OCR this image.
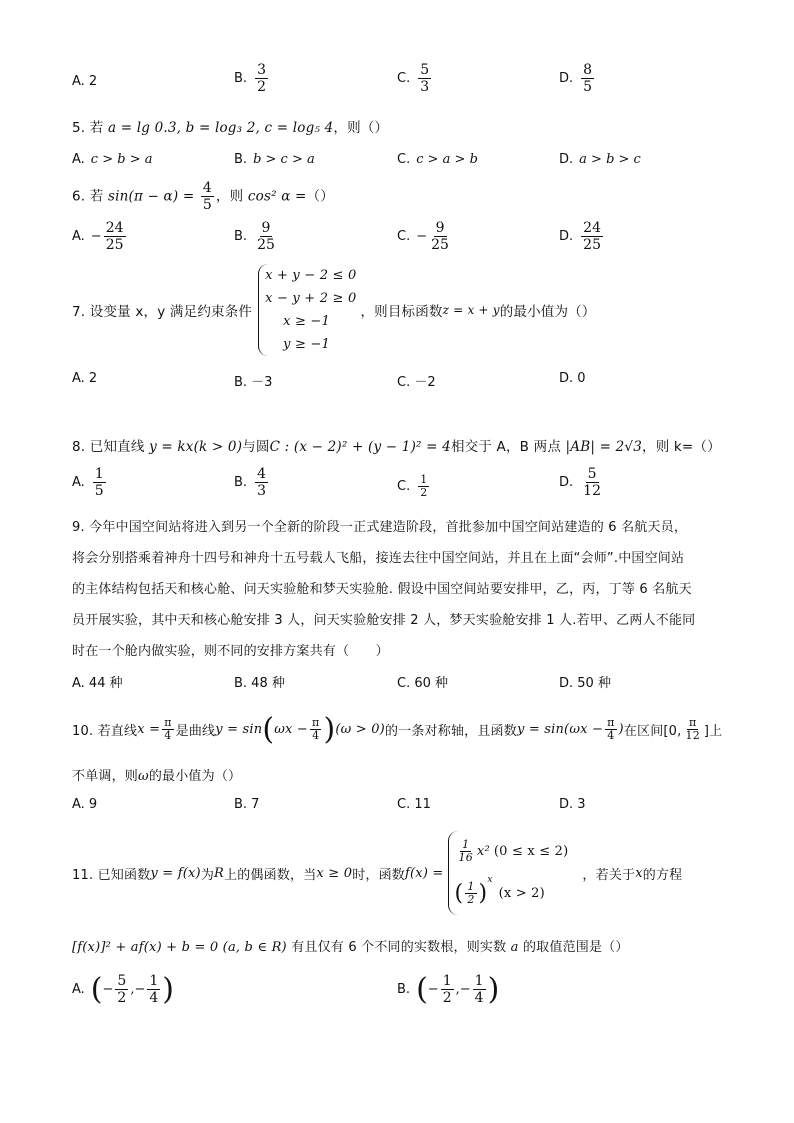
A. 2	B. $\frac{3}{2}$	C. $\frac{5}{3}$	D. $\frac{8}{5}$
5. 若 a = lg 0.3, b = log₃ 2, c = log₅ 4，则（）
A. c > b > a	B. b > c > a	C. c > a > b	D. a > b > c
6. 若 $\sin(\pi - \alpha) = \frac{4}{5}$ ，则 cos² α =（）
A. − $\frac{24}{25}$	B. $\frac{9}{25}$	C. − $\frac{9}{25}$	D. $\frac{24}{25}$
7. 设变量 x，y 满足约束条件
x + y − 2 ≤ 0
x − y + 2 ≥ 0
x ≥ −1
y ≥ −1
，则目标函数 z = x + y 的最小值为（）
A. 2	B. －3	C. －2	D. 0
8. 已知直线 y = kx(k > 0)与圆C : (x − 2)² + (y − 1)² = 4相交于 A，B 两点 |AB| = 2√3，则 k=（）
A. $\frac{1}{5}$	B. $\frac{4}{3}$	C. $\frac{1}{2}$	D. $\frac{5}{12}$
9. 今年中国空间站将进入到另一个全新的阶段一正式建造阶段，首批参加中国空间站建造的 6 名航天员，
将会分别搭乘着神舟十四号和神舟十五号载人飞船，接连去往中国空间站，并且在上面“会师”.中国空间站
的主体结构包括天和核心舱、问天实验舱和梦天实验舱. 假设中国空间站要安排甲，乙，丙，丁等 6 名航天
员开展实验，其中天和核心舱安排 3 人，问天实验舱安排 2 人，梦天实验舱安排 1 人.若甲、乙两人不能同
时在一个舱内做实验，则不同的安排方案共有（　　）
A. 44 种	B. 48 种	C. 60 种	D. 50 种
10. 若直线 $x = \frac{\pi}{4}$ 是曲线 y = sin ( $\omega x - \frac{\pi}{4}$ ) (ω > 0) 的一条对称轴，且函数 $y = \sin(\omega x - \frac{\pi}{4}$ ) 在区间[0, $\frac{\pi}{12}$ ]上
不单调，则ω的最小值为（）
A. 9	B. 7	C. 11	D. 3
11. 已知函数 y = f(x) 为 R 上的偶函数，当 x ≥ 0 时，函数 f(x) =
$\frac{1}{16} x^2$ (0 ≤ x ≤ 2)
( $\frac{1}{2}$ )
$^x$
(x > 2)
，若关于 x 的方程
[f(x)]² + af(x) + b = 0 (a, b ∈ R) 有且仅有 6 个不同的实数根，则实数 a 的取值范围是（）
A. ( − $\frac{5}{2}$ ,− $\frac{1}{4}$ )	B. ( − $\frac{1}{2}$ ,− $\frac{1}{4}$ )
